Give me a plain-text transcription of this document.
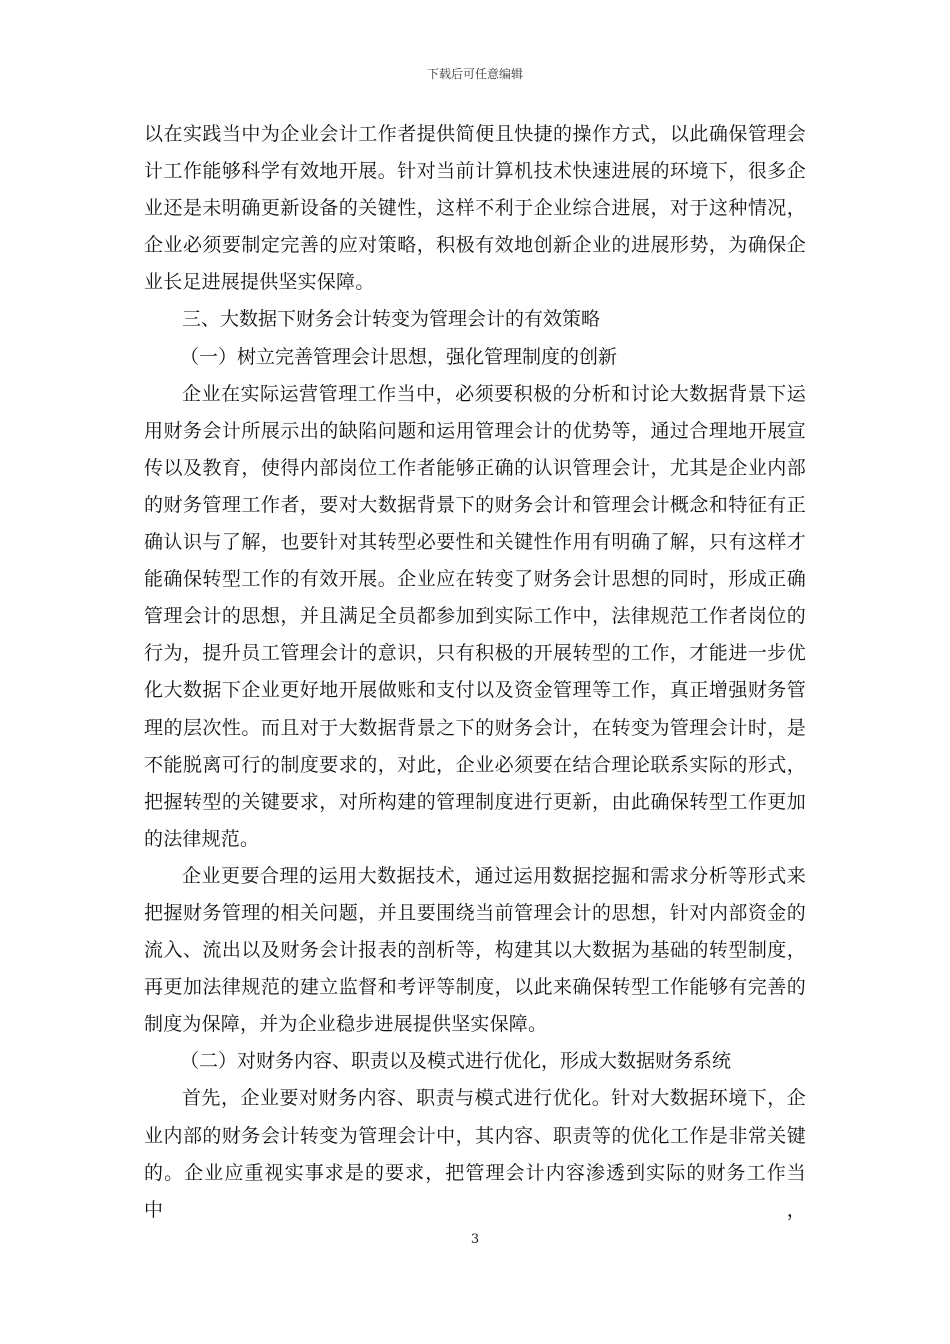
下载后可任意编辑

以在实践当中为企业会计工作者提供简便且快捷的操作方式，以此确保管理会
计工作能够科学有效地开展。针对当前计算机技术快速进展的环境下，很多企
业还是未明确更新设备的关键性，这样不利于企业综合进展，对于这种情况，
企业必须要制定完善的应对策略，积极有效地创新企业的进展形势，为确保企
业长足进展提供坚实保障。

三、大数据下财务会计转变为管理会计的有效策略

（一）树立完善管理会计思想，强化管理制度的创新

企业在实际运营管理工作当中，必须要积极的分析和讨论大数据背景下运
用财务会计所展示出的缺陷问题和运用管理会计的优势等，通过合理地开展宣
传以及教育，使得内部岗位工作者能够正确的认识管理会计，尤其是企业内部
的财务管理工作者，要对大数据背景下的财务会计和管理会计概念和特征有正
确认识与了解，也要针对其转型必要性和关键性作用有明确了解，只有这样才
能确保转型工作的有效开展。企业应在转变了财务会计思想的同时，形成正确
管理会计的思想，并且满足全员都参加到实际工作中，法律规范工作者岗位的
行为，提升员工管理会计的意识，只有积极的开展转型的工作，才能进一步优
化大数据下企业更好地开展做账和支付以及资金管理等工作，真正增强财务管
理的层次性。而且对于大数据背景之下的财务会计，在转变为管理会计时，是
不能脱离可行的制度要求的，对此，企业必须要在结合理论联系实际的形式，
把握转型的关键要求，对所构建的管理制度进行更新，由此确保转型工作更加
的法律规范。

企业更要合理的运用大数据技术，通过运用数据挖掘和需求分析等形式来
把握财务管理的相关问题，并且要围绕当前管理会计的思想，针对内部资金的
流入、流出以及财务会计报表的剖析等，构建其以大数据为基础的转型制度，
再更加法律规范的建立监督和考评等制度，以此来确保转型工作能够有完善的
制度为保障，并为企业稳步进展提供坚实保障。

（二）对财务内容、职责以及模式进行优化，形成大数据财务系统

首先，企业要对财务内容、职责与模式进行优化。针对大数据环境下，企
业内部的财务会计转变为管理会计中，其内容、职责等的优化工作是非常关键
的。企业应重视实事求是的要求，把管理会计内容渗透到实际的财务工作当中，

3
